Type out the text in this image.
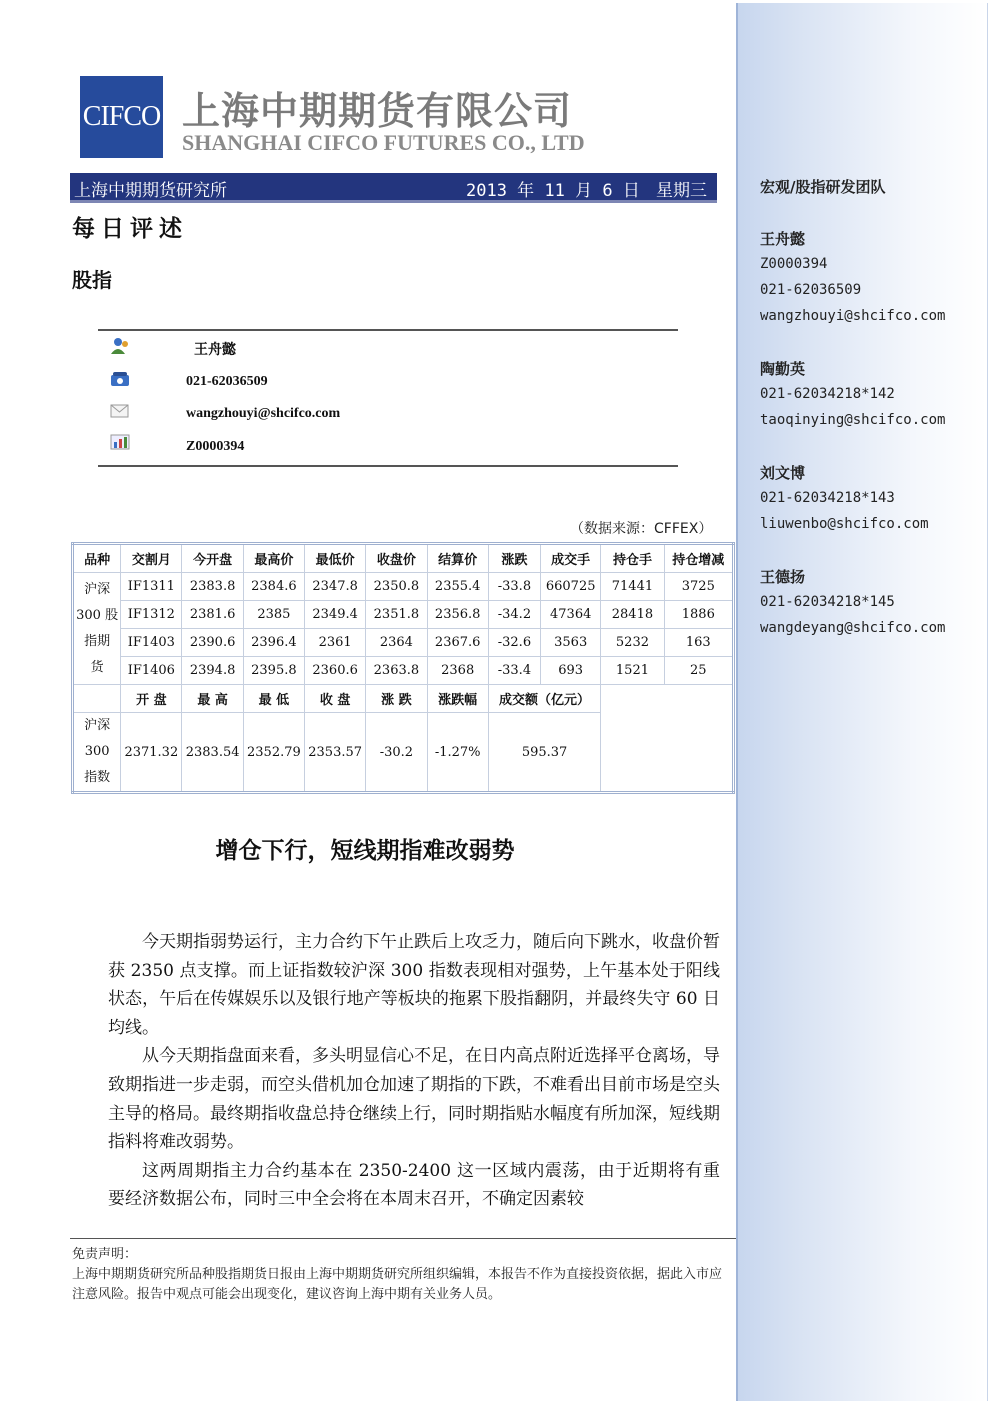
CIFCO 上海中期期货有限公司
SHANGHAI CIFCO FUTURES CO., LTD
上海中期期货研究所	2013 年 11 月 6 日 星期三
每日评述
股指
王舟懿
021-62036509
wangzhouyi@shcifco.com
Z0000394
（数据来源：CFFEX）
品种	交割月	今开盘	最高价	最低价	收盘价	结算价	涨跌	成交手	持仓手	持仓增减

沪深
300 股
指期
货	IF1311	2383.8	2384.6	2347.8	2350.8	2355.4	-33.8	660725	71441	3725
	IF1312	2381.6	2385	2349.4	2351.8	2356.8	-34.2	47364	28418	1886
	IF1403	2390.6	2396.4	2361	2364	2367.6	-32.6	3563	5232	163
	IF1406	2394.8	2395.8	2360.6	2363.8	2368	-33.4	693	1521	25
	开 盘	最 高	最 低	收 盘	涨 跌	涨跌幅	成交额（亿元）			

沪深
300
指数	2371.32	2383.54	2352.79	2353.57	-30.2	-1.27%	595.37			
增仓下行，短线期指难改弱势

今天期指弱势运行，主力合约下午止跌后上攻乏力，随后向下跳水，收盘价暂获 2350 点支撑。而上证指数较沪深 300 指数表现相对强势，上午基本处于阳线状态，午后在传媒娱乐以及银行地产等板块的拖累下股指翻阴，并最终失守 60 日均线。

从今天期指盘面来看，多头明显信心不足，在日内高点附近选择平仓离场，导致期指进一步走弱，而空头借机加仓加速了期指的下跌，不难看出目前市场是空头主导的格局。最终期指收盘总持仓继续上行，同时期指贴水幅度有所加深，短线期指料将难改弱势。

这两周期指主力合约基本在 2350-2400 这一区域内震荡，由于近期将有重要经济数据公布，同时三中全会将在本周末召开，不确定因素较

免责声明：
上海中期期货研究所品种股指期货日报由上海中期期货研究所组织编辑，本报告不作为直接投资依据，据此入市应注意风险。报告中观点可能会出现变化，建议咨询上海中期有关业务人员。
宏观/股指研发团队
王舟懿
Z0000394
021-62036509
wangzhouyi@shcifco.com
陶勤英
021-62034218*142
taoqinying@shcifco.com
刘文博
021-62034218*143
liuwenbo@shcifco.com
王德扬
021-62034218*145
wangdeyang@shcifco.com
